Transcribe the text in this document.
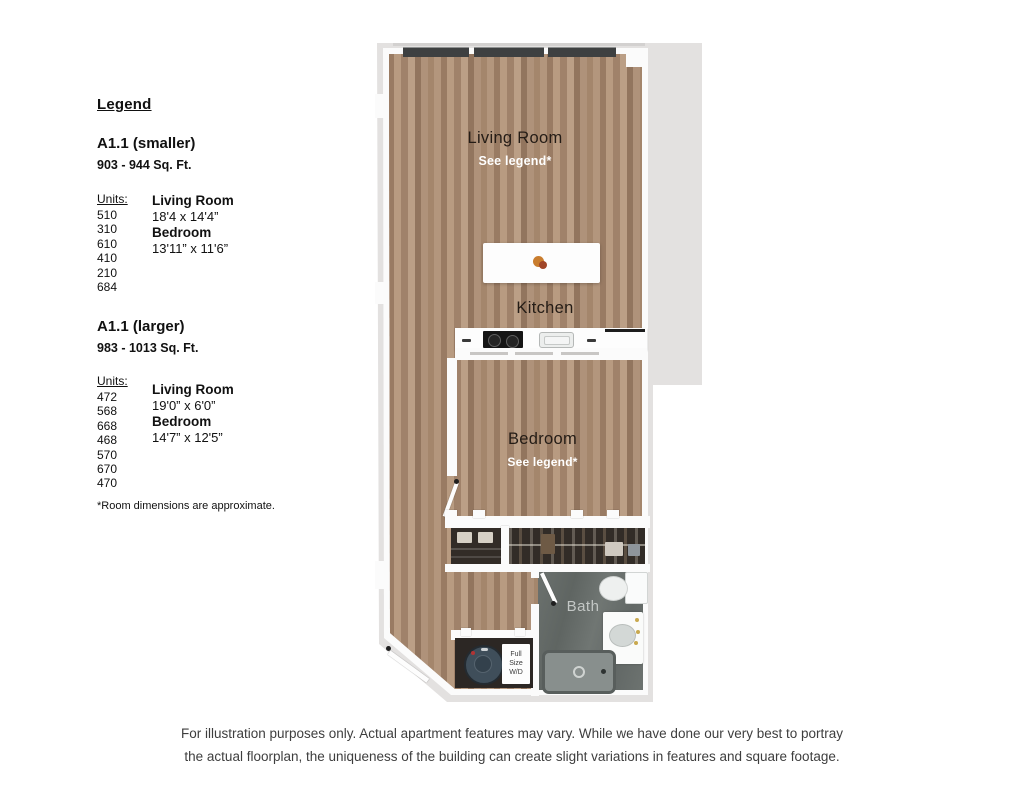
Legend
A1.1 (smaller)
903 - 944 Sq. Ft.
Units:
510
310
610
410
210
684
Living Room
18'4 x 14'4”
Bedroom
13'11” x 11'6”
A1.1 (larger)
983 - 1013 Sq. Ft.
Units:
472
568
668
468
570
670
470
Living Room
19'0” x 6'0”
Bedroom
14'7” x 12'5”
*Room dimensions are approximate.
Living Room
See legend*
Kitchen
Bedroom
See legend*
Bath
Full
Size
W/D
For illustration purposes only. Actual apartment features may vary. While we have done our very best to portray
the actual floorplan, the uniqueness of the building can create slight variations in features and square footage.
